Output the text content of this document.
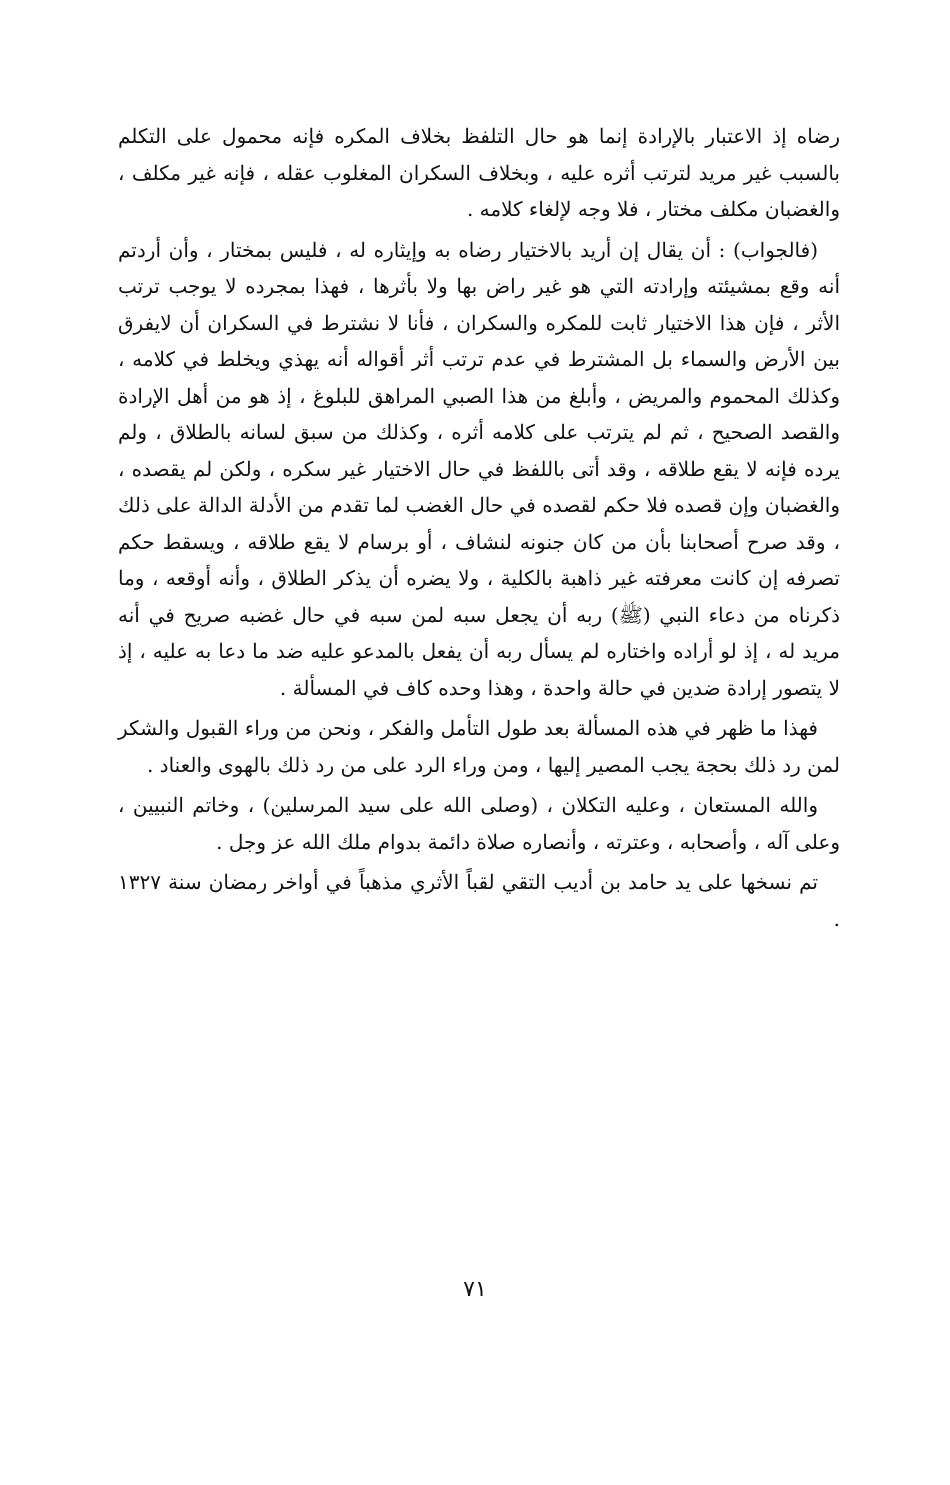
رضاه إذ الاعتبار بالإرادة إنما هو حال التلفظ بخلاف المكره فإنه محمول على التكلم بالسبب غير مريد لترتب أثره عليه ، وبخلاف السكران المغلوب عقله ، فإنه غير مكلف ، والغضبان مكلف مختار ، فلا وجه لإلغاء كلامه .

(فالجواب) : أن يقال إن أريد بالاختيار رضاه به وإيثاره له ، فليس بمختار ، وأن أردتم أنه وقع بمشيئته وإرادته التي هو غير راض بها ولا بأثرها ، فهذا بمجرده لا يوجب ترتب الأثر ، فإن هذا الاختيار ثابت للمكره والسكران ، فأنا لا نشترط في السكران أن لايفرق بين الأرض والسماء بل المشترط في عدم ترتب أثر أقواله أنه يهذي ويخلط في كلامه ، وكذلك المحموم والمريض ، وأبلغ من هذا الصبي المراهق للبلوغ ، إذ هو من أهل الإرادة والقصد الصحيح ، ثم لم يترتب على كلامه أثره ، وكذلك من سبق لسانه بالطلاق ، ولم يرده فإنه لا يقع طلاقه ، وقد أتى باللفظ في حال الاختيار غير سكره ، ولكن لم يقصده ، والغضبان وإن قصده فلا حكم لقصده في حال الغضب لما تقدم من الأدلة الدالة على ذلك ، وقد صرح أصحابنا بأن من كان جنونه لنشاف ، أو برسام لا يقع طلاقه ، ويسقط حكم تصرفه إن كانت معرفته غير ذاهبة بالكلية ، ولا يضره أن يذكر الطلاق ، وأنه أوقعه ، وما ذكرناه من دعاء النبي (ﷺ) ربه أن يجعل سبه لمن سبه في حال غضبه صريح في أنه مريد له ، إذ لو أراده واختاره لم يسأل ربه أن يفعل بالمدعو عليه ضد ما دعا به عليه ، إذ لا يتصور إرادة ضدين في حالة واحدة ، وهذا وحده كاف في المسألة .

فهذا ما ظهر في هذه المسألة بعد طول التأمل والفكر ، ونحن من وراء القبول والشكر لمن رد ذلك بحجة يجب المصير إليها ، ومن وراء الرد على من رد ذلك بالهوى والعناد .

والله المستعان ، وعليه التكلان ، (وصلى الله على سيد المرسلين) ، وخاتم النبيين ، وعلى آله ، وأصحابه ، وعترته ، وأنصاره صلاة دائمة بدوام ملك الله عز وجل .

تم نسخها على يد حامد بن أديب التقي لقباً الأثري مذهباً في أواخر رمضان سنة ١٣٢٧ .

٧١
